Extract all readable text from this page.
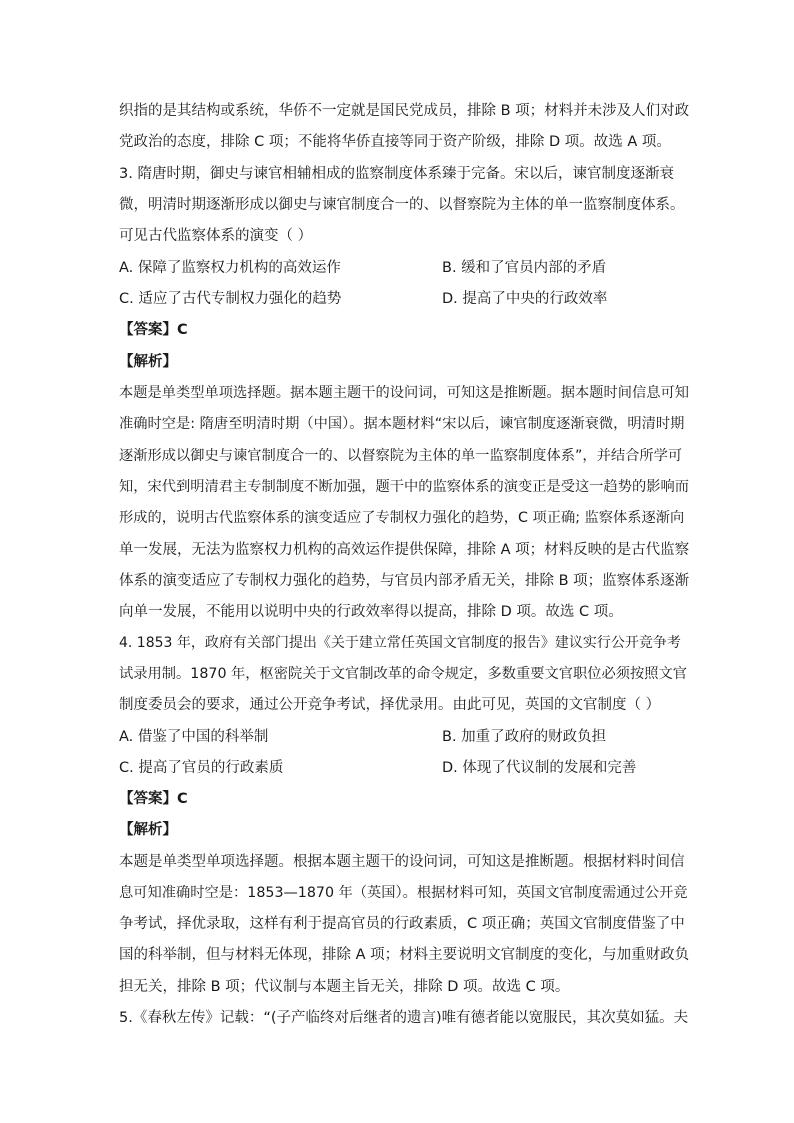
织指的是其结构或系统，华侨不一定就是国民党成员，排除 B 项；材料并未涉及人们对政
党政治的态度，排除 C 项；不能将华侨直接等同于资产阶级，排除 D 项。故选 A 项。
3. 隋唐时期，御史与谏官相辅相成的监察制度体系臻于完备。宋以后，谏官制度逐渐衰
微，明清时期逐渐形成以御史与谏官制度合一的、以督察院为主体的单一监察制度体系。
可见古代监察体系的演变（ ）
A. 保障了监察权力机构的高效运作	B. 缓和了官员内部的矛盾
C. 适应了古代专制权力强化的趋势	D. 提高了中央的行政效率
【答案】C
【解析】
本题是单类型单项选择题。据本题主题干的设问词，可知这是推断题。据本题时间信息可知
准确时空是: 隋唐至明清时期（中国）。据本题材料“宋以后，谏官制度逐渐衰微，明清时期
逐渐形成以御史与谏官制度合一的、以督察院为主体的单一监察制度体系”，并结合所学可
知，宋代到明清君主专制制度不断加强，题干中的监察体系的演变正是受这一趋势的影响而
形成的，说明古代监察体系的演变适应了专制权力强化的趋势，C 项正确; 监察体系逐渐向
单一发展，无法为监察权力机构的高效运作提供保障，排除 A 项；材料反映的是古代监察
体系的演变适应了专制权力强化的趋势，与官员内部矛盾无关，排除 B 项；监察体系逐渐
向单一发展，不能用以说明中央的行政效率得以提高，排除 D 项。故选 C 项。
4. 1853 年，政府有关部门提出《关于建立常任英国文官制度的报告》建议实行公开竞争考
试录用制。1870 年，枢密院关于文官制改革的命令规定，多数重要文官职位必须按照文官
制度委员会的要求，通过公开竞争考试，择优录用。由此可见，英国的文官制度（ ）
A. 借鉴了中国的科举制	B. 加重了政府的财政负担
C. 提高了官员的行政素质	D. 体现了代议制的发展和完善
【答案】C
【解析】
本题是单类型单项选择题。根据本题主题干的设问词，可知这是推断题。根据材料时间信
息可知准确时空是：1853—1870 年（英国）。根据材料可知，英国文官制度需通过公开竞
争考试，择优录取，这样有利于提高官员的行政素质，C 项正确；英国文官制度借鉴了中
国的科举制，但与材料无体现，排除 A 项；材料主要说明文官制度的变化，与加重财政负
担无关，排除 B 项；代议制与本题主旨无关，排除 D 项。故选 C 项。
5.《春秋左传》记载：“(子产临终对后继者的遗言)唯有德者能以宽服民，其次莫如猛。夫
